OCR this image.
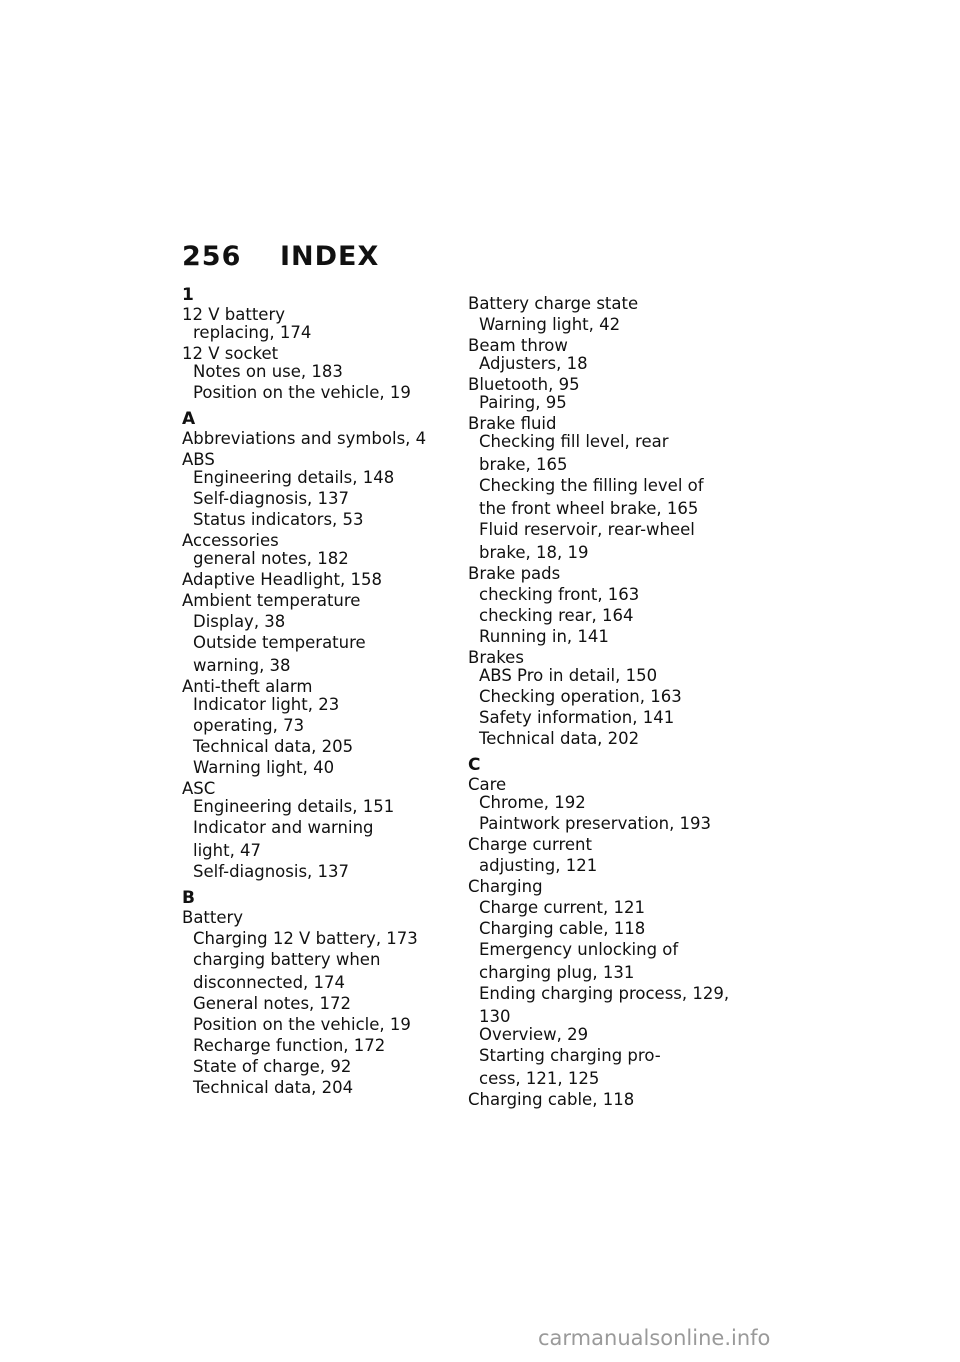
256 INDEX
1
12 V battery
replacing, 174
12 V socket
Notes on use, 183
Position on the vehicle, 19
A
Abbreviations and symbols, 4
ABS
Engineering details, 148
Self-diagnosis, 137
Status indicators, 53
Accessories
general notes, 182
Adaptive Headlight, 158
Ambient temperature
Display, 38
Outside temperature
warning, 38
Anti-theft alarm
Indicator light, 23
operating, 73
Technical data, 205
Warning light, 40
ASC
Engineering details, 151
Indicator and warning
light, 47
Self-diagnosis, 137
B
Battery
Charging 12 V battery, 173
charging battery when
disconnected, 174
General notes, 172
Position on the vehicle, 19
Recharge function, 172
State of charge, 92
Technical data, 204
Battery charge state
Warning light, 42
Beam throw
Adjusters, 18
Bluetooth, 95
Pairing, 95
Brake fluid
Checking fill level, rear
brake, 165
Checking the filling level of
the front wheel brake, 165
Fluid reservoir, rear-wheel
brake, 18, 19
Brake pads
checking front, 163
checking rear, 164
Running in, 141
Brakes
ABS Pro in detail, 150
Checking operation, 163
Safety information, 141
Technical data, 202
C
Care
Chrome, 192
Paintwork preservation, 193
Charge current
adjusting, 121
Charging
Charge current, 121
Charging cable, 118
Emergency unlocking of
charging plug, 131
Ending charging process, 129,
130
Overview, 29
Starting charging pro-
cess, 121, 125
Charging cable, 118
carmanualsonline.info
